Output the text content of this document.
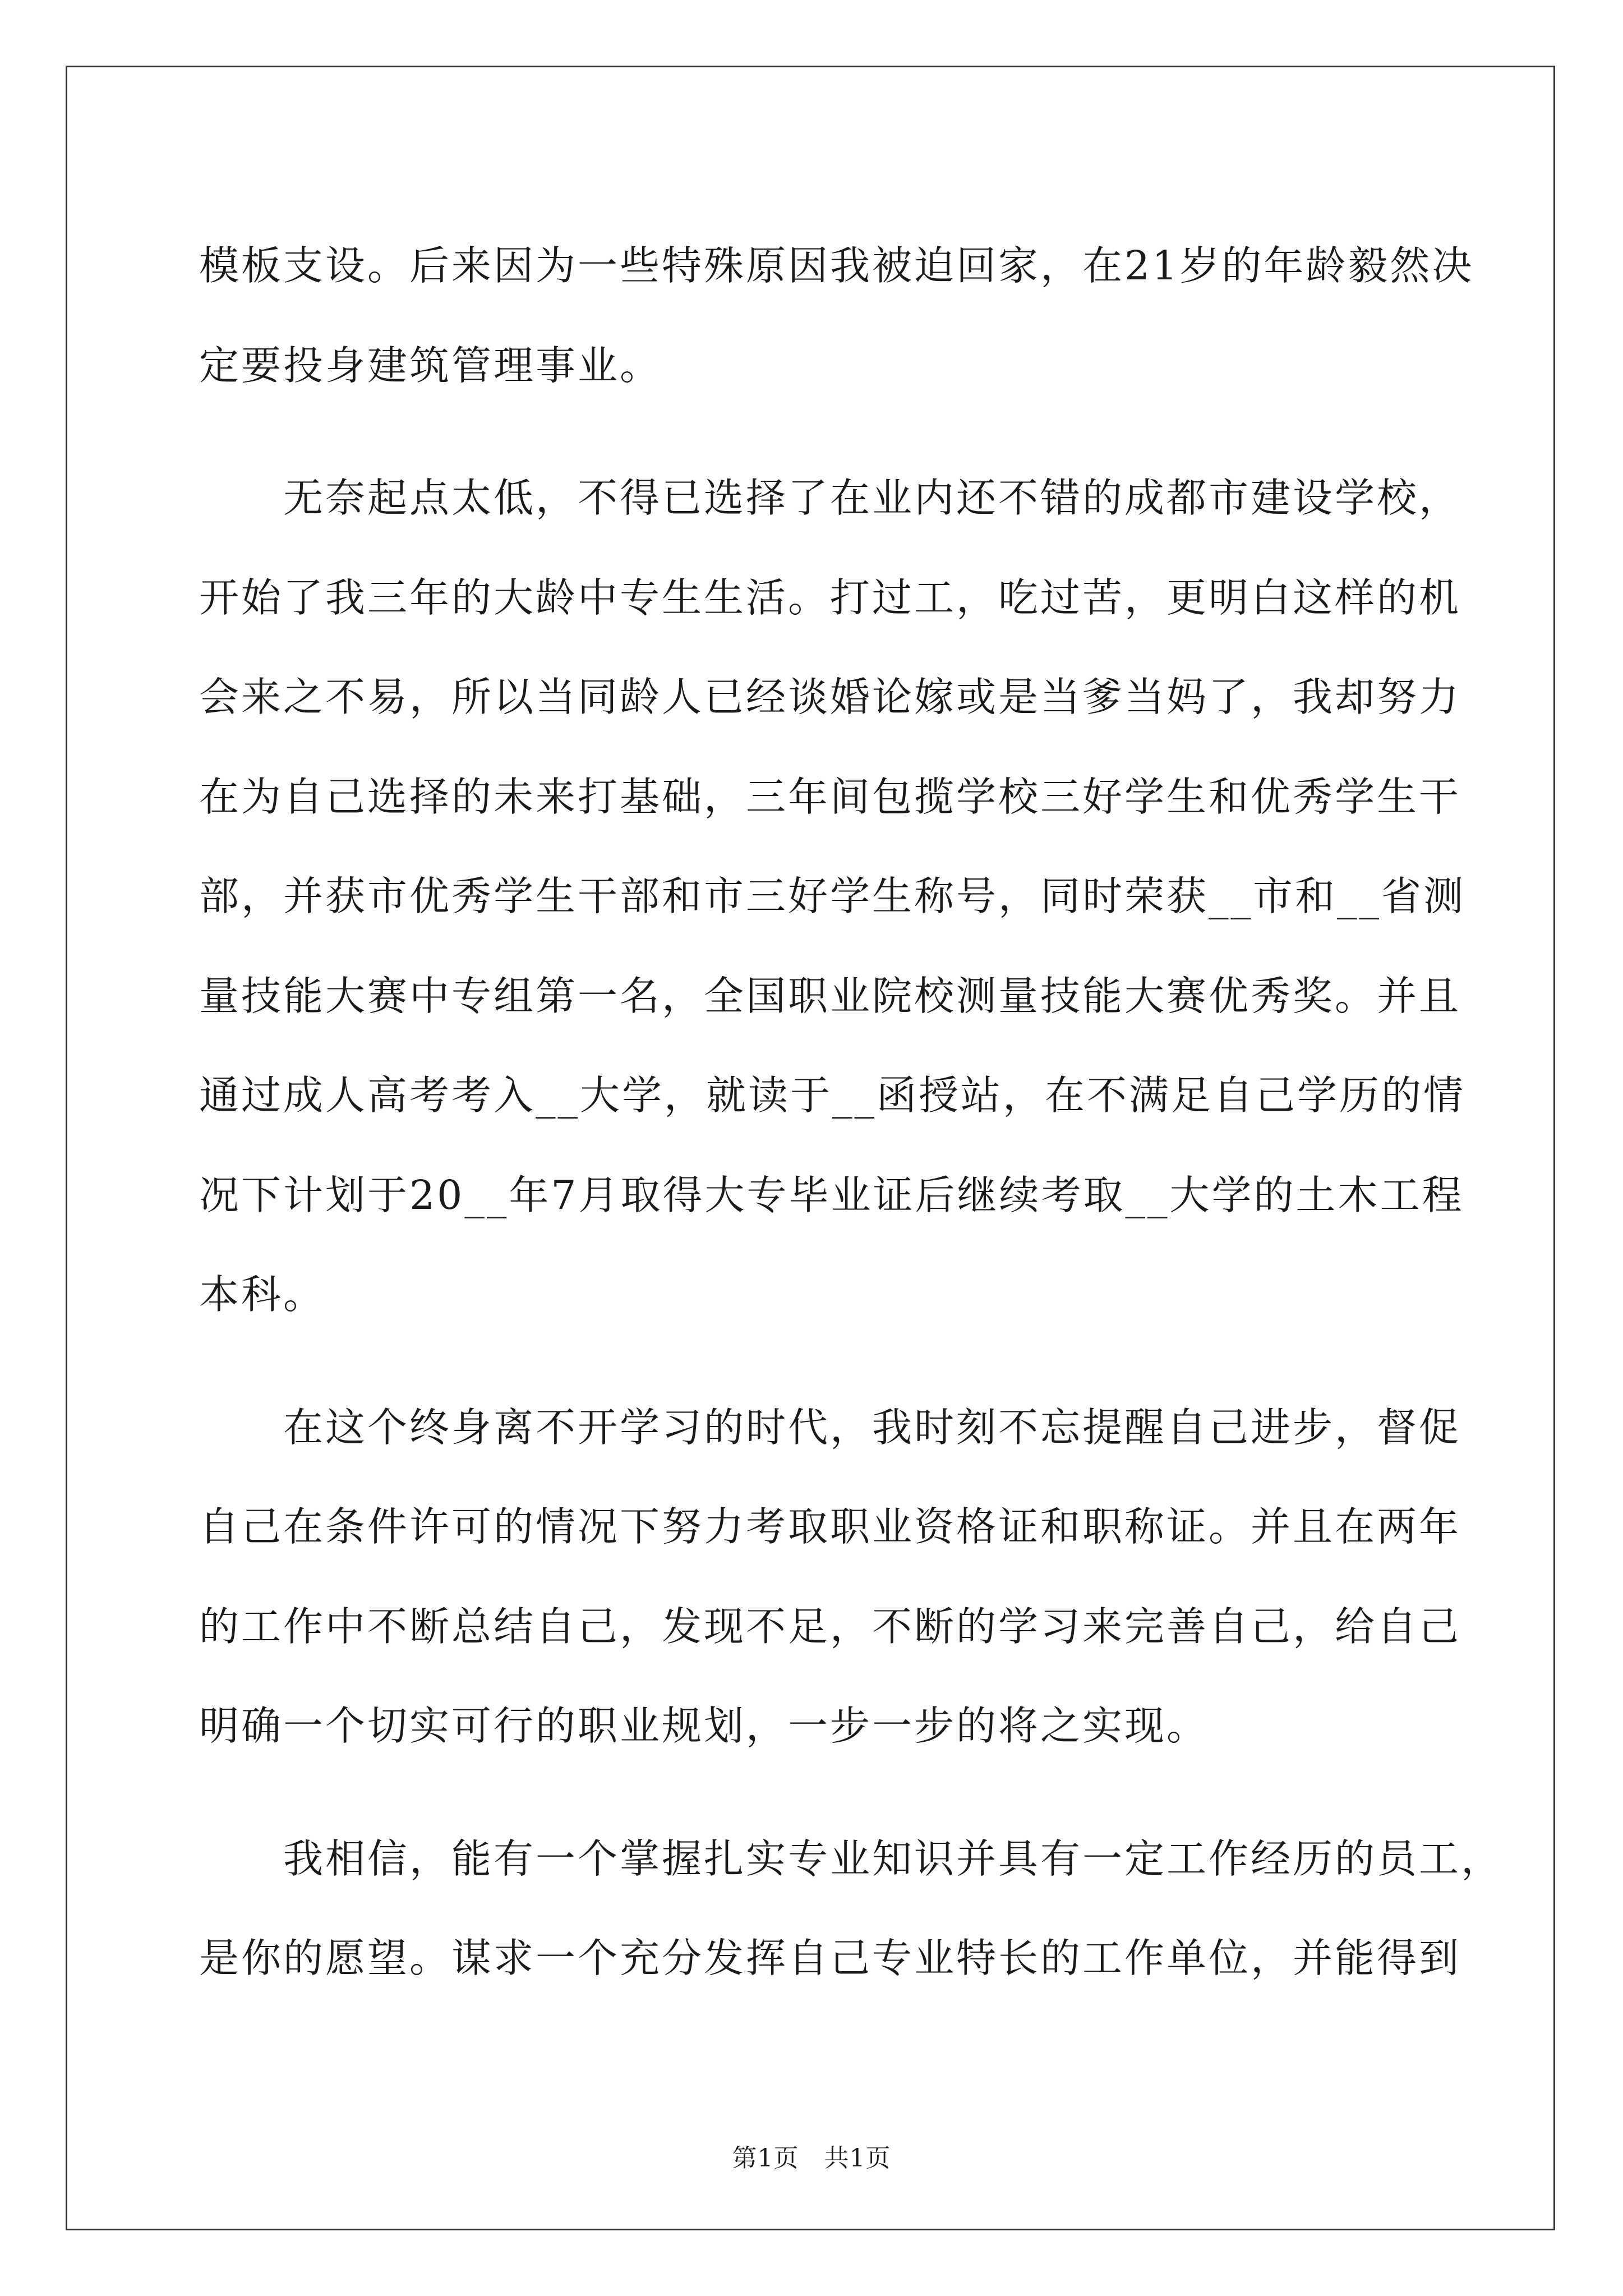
模板支设。后来因为一些特殊原因我被迫回家，在21岁的年龄毅然决
定要投身建筑管理事业。
　　无奈起点太低，不得已选择了在业内还不错的成都市建设学校，
开始了我三年的大龄中专生生活。打过工，吃过苦，更明白这样的机
会来之不易，所以当同龄人已经谈婚论嫁或是当爹当妈了，我却努力
在为自己选择的未来打基础，三年间包揽学校三好学生和优秀学生干
部，并获市优秀学生干部和市三好学生称号，同时荣获__市和__省测
量技能大赛中专组第一名，全国职业院校测量技能大赛优秀奖。并且
通过成人高考考入__大学，就读于__函授站，在不满足自己学历的情
况下计划于20__年7月取得大专毕业证后继续考取__大学的土木工程
本科。
　　在这个终身离不开学习的时代，我时刻不忘提醒自己进步，督促
自己在条件许可的情况下努力考取职业资格证和职称证。并且在两年
的工作中不断总结自己，发现不足，不断的学习来完善自己，给自己
明确一个切实可行的职业规划，一步一步的将之实现。
　　我相信，能有一个掌握扎实专业知识并具有一定工作经历的员工，
是你的愿望。谋求一个充分发挥自己专业特长的工作单位，并能得到
第1页　共1页
